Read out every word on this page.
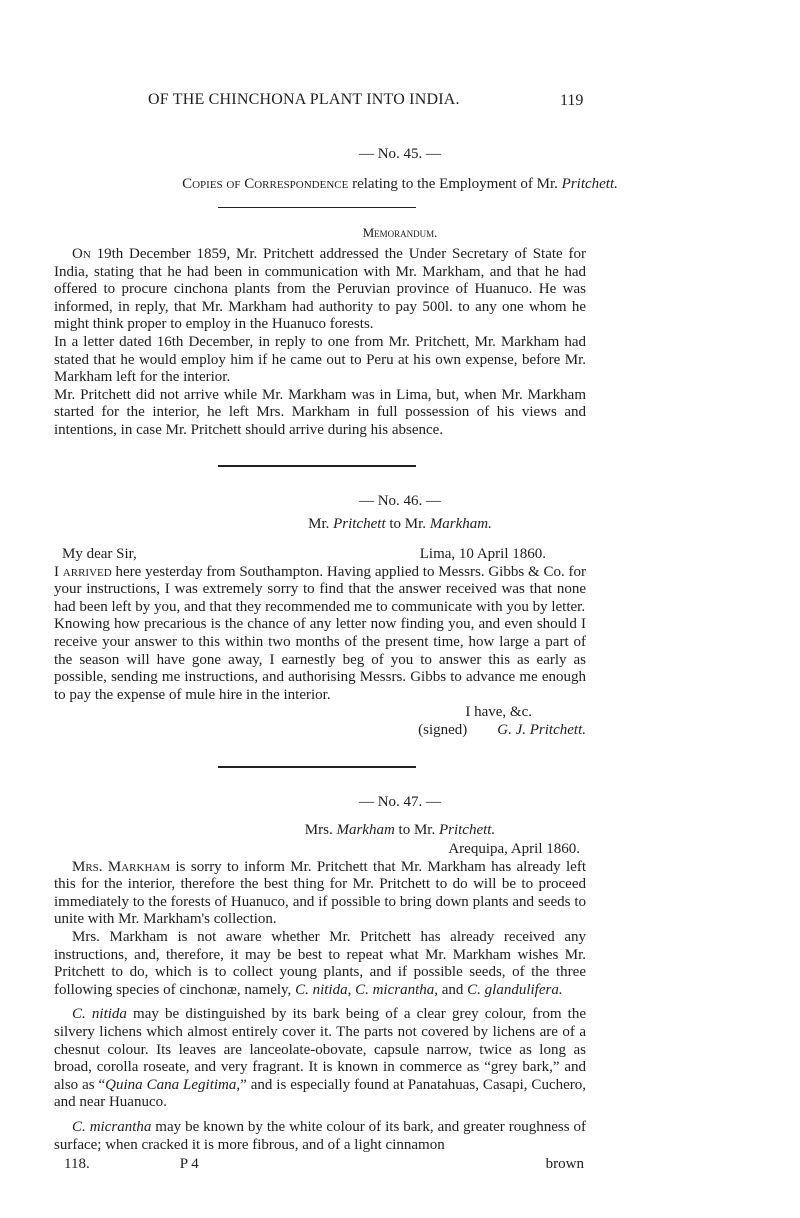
OF THE CHINCHONA PLANT INTO INDIA.	119
— No. 45. —
Copies of Correspondence relating to the Employment of Mr. Pritchett.
Memorandum.

On 19th December 1859, Mr. Pritchett addressed the Under Secretary of State for India, stating that he had been in communication with Mr. Markham, and that he had offered to procure cinchona plants from the Peruvian province of Huanuco. He was informed, in reply, that Mr. Markham had authority to pay 500l. to any one whom he might think proper to employ in the Huanuco forests.

In a letter dated 16th December, in reply to one from Mr. Pritchett, Mr. Markham had stated that he would employ him if he came out to Peru at his own expense, before Mr. Markham left for the interior.

Mr. Pritchett did not arrive while Mr. Markham was in Lima, but, when Mr. Markham started for the interior, he left Mrs. Markham in full possession of his views and intentions, in case Mr. Pritchett should arrive during his absence.

— No. 46. —
Mr. Pritchett to Mr. Markham.
My dear Sir,	Lima, 10 April 1860.

I arrived here yesterday from Southampton. Having applied to Messrs. Gibbs & Co. for your instructions, I was extremely sorry to find that the answer received was that none had been left by you, and that they recommended me to communicate with you by letter.

Knowing how precarious is the chance of any letter now finding you, and even should I receive your answer to this within two months of the present time, how large a part of the season will have gone away, I earnestly beg of you to answer this as early as possible, sending me instructions, and authorising Messrs. Gibbs to advance me enough to pay the expense of mule hire in the interior.

I have, &c.
(signed) G. J. Pritchett.
— No. 47. —
Mrs. Markham to Mr. Pritchett.
Arequipa, April 1860.

Mrs. Markham is sorry to inform Mr. Pritchett that Mr. Markham has already left this for the interior, therefore the best thing for Mr. Pritchett to do will be to proceed immediately to the forests of Huanuco, and if possible to bring down plants and seeds to unite with Mr. Markham's collection.

Mrs. Markham is not aware whether Mr. Pritchett has already received any instructions, and, therefore, it may be best to repeat what Mr. Markham wishes Mr. Pritchett to do, which is to collect young plants, and if possible seeds, of the three following species of cinchonæ, namely, C. nitida, C. micrantha, and C. glandulifera.

C. nitida may be distinguished by its bark being of a clear grey colour, from the silvery lichens which almost entirely cover it. The parts not covered by lichens are of a chesnut colour. Its leaves are lanceolate-obovate, capsule narrow, twice as long as broad, corolla roseate, and very fragrant. It is known in commerce as “grey bark,” and also as “Quina Cana Legitima,” and is especially found at Panatahuas, Casapi, Cuchero, and near Huanuco.

C. micrantha may be known by the white colour of its bark, and greater roughness of surface; when cracked it is more fibrous, and of a light cinnamon

118.	P 4	brown
